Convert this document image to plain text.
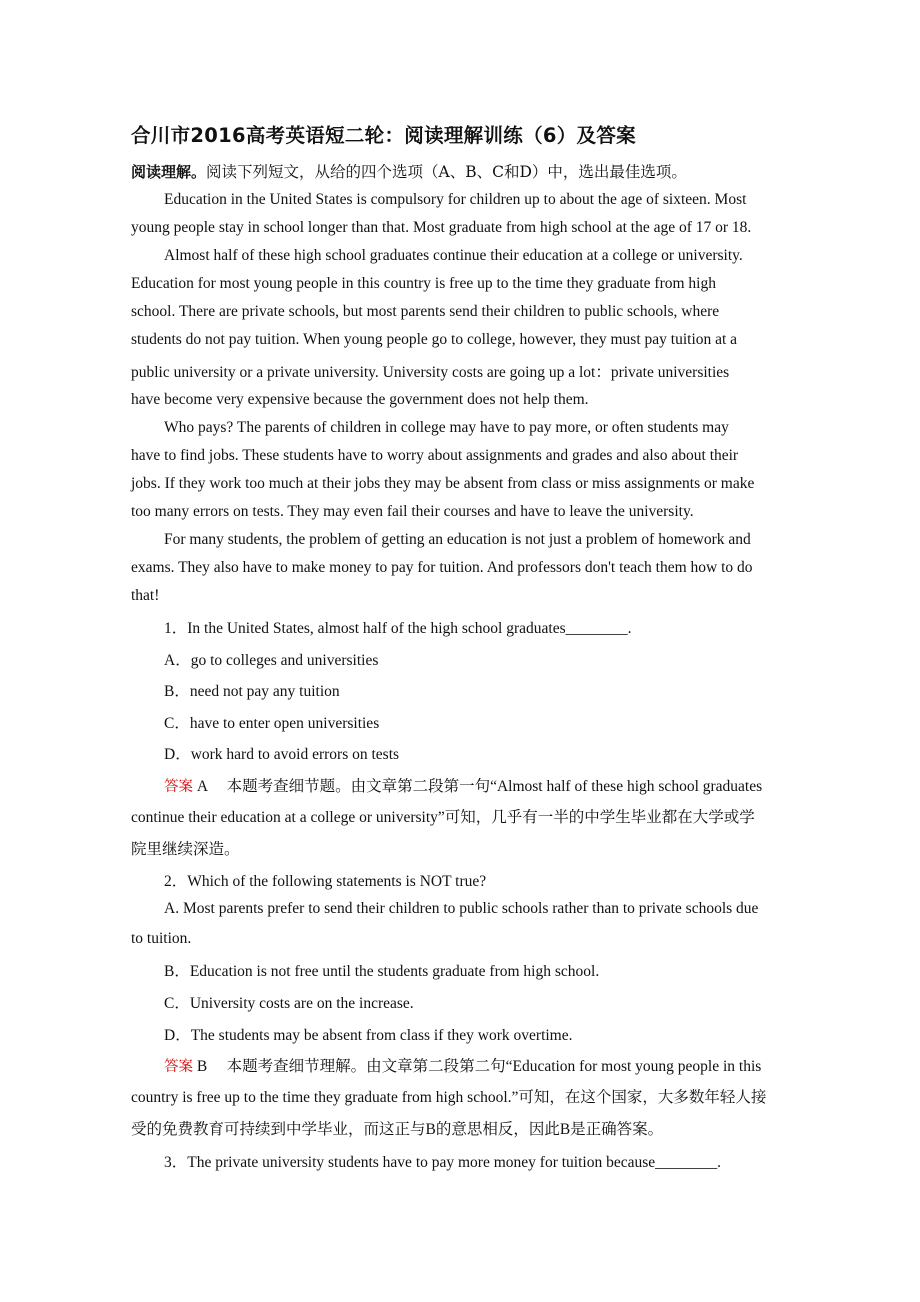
合川市2016高考英语短二轮：阅读理解训练（6）及答案
阅读理解。阅读下列短文，从给的四个选项（A、B、C和D）中，选出最佳选项。
Education in the United States is compulsory for children up to about the age of sixteen. Most
young people stay in school longer than that. Most graduate from high school at the age of 17 or 18.
Almost half of these high school graduates continue their education at a college or university.
Education for most young people in this country is free up to the time they graduate from high
school. There are private schools, but most parents send their children to public schools, where
students do not pay tuition. When young people go to college, however, they must pay tuition at a
public university or a private university. University costs are going up a lot：private universities
have become very expensive because the government does not help them.
Who pays? The parents of children in college may have to pay more, or often students may
have to find jobs. These students have to worry about assignments and grades and also about their
jobs. If they work too much at their jobs they may be absent from class or miss assignments or make
too many errors on tests. They may even fail their courses and have to leave the university.
For many students, the problem of getting an education is not just a problem of homework and
exams. They also have to make money to pay for tuition. And professors don't teach them how to do
that!
1．In the United States, almost half of the high school graduates________.
A．go to colleges and universities
B．need not pay any tuition
C．have to enter open universities
D．work hard to avoid errors on tests
答案 A　 本题考查细节题。由文章第二段第一句“Almost half of these high school graduates
continue their education at a college or university”可知，几乎有一半的中学生毕业都在大学或学
院里继续深造。
2．Which of the following statements is NOT true?
A. Most parents prefer to send their children to public schools rather than to private schools due
to tuition.
B．Education is not free until the students graduate from high school.
C．University costs are on the increase.
D．The students may be absent from class if they work overtime.
答案 B　 本题考查细节理解。由文章第二段第二句“Education for most young people in this
country is free up to the time they graduate from high school.”可知，在这个国家，大多数年轻人接
受的免费教育可持续到中学毕业，而这正与B的意思相反，因此B是正确答案。
3．The private university students have to pay more money for tuition because________.
